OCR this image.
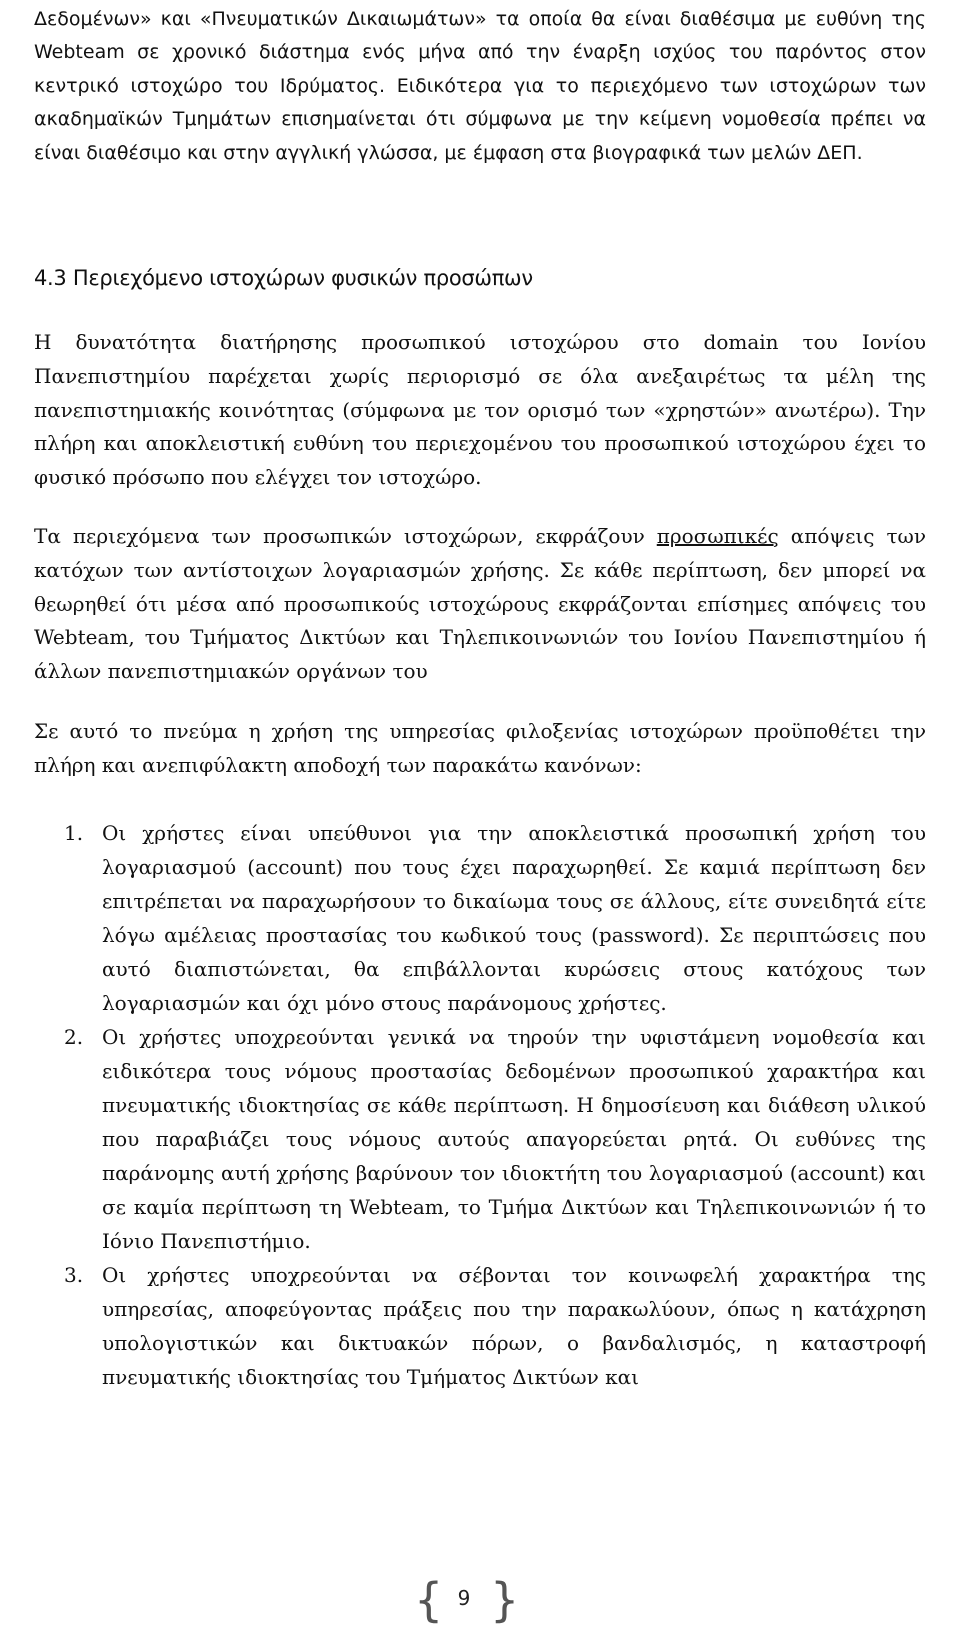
Δεδομένων» και «Πνευματικών Δικαιωμάτων» τα οποία θα είναι διαθέσιμα με ευθύνη της Webteam σε χρονικό διάστημα ενός μήνα από την έναρξη ισχύος του παρόντος στον κεντρικό ιστοχώρο του Ιδρύματος. Ειδικότερα για το περιεχόμενο των ιστοχώρων των ακαδημαϊκών Τμημάτων επισημαίνεται ότι σύμφωνα με την κείμενη νομοθεσία πρέπει να είναι διαθέσιμο και στην αγγλική γλώσσα, με έμφαση στα βιογραφικά των μελών ΔΕΠ.

4.3 Περιεχόμενο ιστοχώρων φυσικών προσώπων

Η δυνατότητα διατήρησης προσωπικού ιστοχώρου στο domain του Ιονίου Πανεπιστημίου παρέχεται χωρίς περιορισμό σε όλα ανεξαιρέτως τα μέλη της πανεπιστημιακής κοινότητας (σύμφωνα με τον ορισμό των «χρηστών» ανωτέρω). Την πλήρη και αποκλειστική ευθύνη του περιεχομένου του προσωπικού ιστοχώρου έχει το φυσικό πρόσωπο που ελέγχει τον ιστοχώρο.

Τα περιεχόμενα των προσωπικών ιστοχώρων, εκφράζουν προσωπικές απόψεις των κατόχων των αντίστοιχων λογαριασμών χρήσης. Σε κάθε περίπτωση, δεν μπορεί να θεωρηθεί ότι μέσα από προσωπικούς ιστοχώρους εκφράζονται επίσημες απόψεις του Webteam, του Τμήματος Δικτύων και Τηλεπικοινωνιών του Ιονίου Πανεπιστημίου ή άλλων πανεπιστημιακών οργάνων του

Σε αυτό το πνεύμα η χρήση της υπηρεσίας φιλοξενίας ιστοχώρων προϋποθέτει την πλήρη και ανεπιφύλακτη αποδοχή των παρακάτω κανόνων:

1. Οι χρήστες είναι υπεύθυνοι για την αποκλειστικά προσωπική χρήση του λογαριασμού (account) που τους έχει παραχωρηθεί. Σε καμιά περίπτωση δεν επιτρέπεται να παραχωρήσουν το δικαίωμα τους σε άλλους, είτε συνειδητά είτε λόγω αμέλειας προστασίας του κωδικού τους (password). Σε περιπτώσεις που αυτό διαπιστώνεται, θα επιβάλλονται κυρώσεις στους κατόχους των λογαριασμών και όχι μόνο στους παράνομους χρήστες.
2. Οι χρήστες υποχρεούνται γενικά να τηρούν την υφιστάμενη νομοθεσία και ειδικότερα τους νόμους προστασίας δεδομένων προσωπικού χαρακτήρα και πνευματικής ιδιοκτησίας σε κάθε περίπτωση. Η δημοσίευση και διάθεση υλικού που παραβιάζει τους νόμους αυτούς απαγορεύεται ρητά. Οι ευθύνες της παράνομης αυτή χρήσης βαρύνουν τον ιδιοκτήτη του λογαριασμού (account) και σε καμία περίπτωση τη Webteam, το Τμήμα Δικτύων και Τηλεπικοινωνιών ή το Ιόνιο Πανεπιστήμιο.
3. Οι χρήστες υποχρεούνται να σέβονται τον κοινωφελή χαρακτήρα της υπηρεσίας, αποφεύγοντας πράξεις που την παρακωλύουν, όπως η κατάχρηση υπολογιστικών και δικτυακών πόρων, ο βανδαλισμός, η καταστροφή πνευματικής ιδιοκτησίας του Τμήματος Δικτύων και
{ 9 }
